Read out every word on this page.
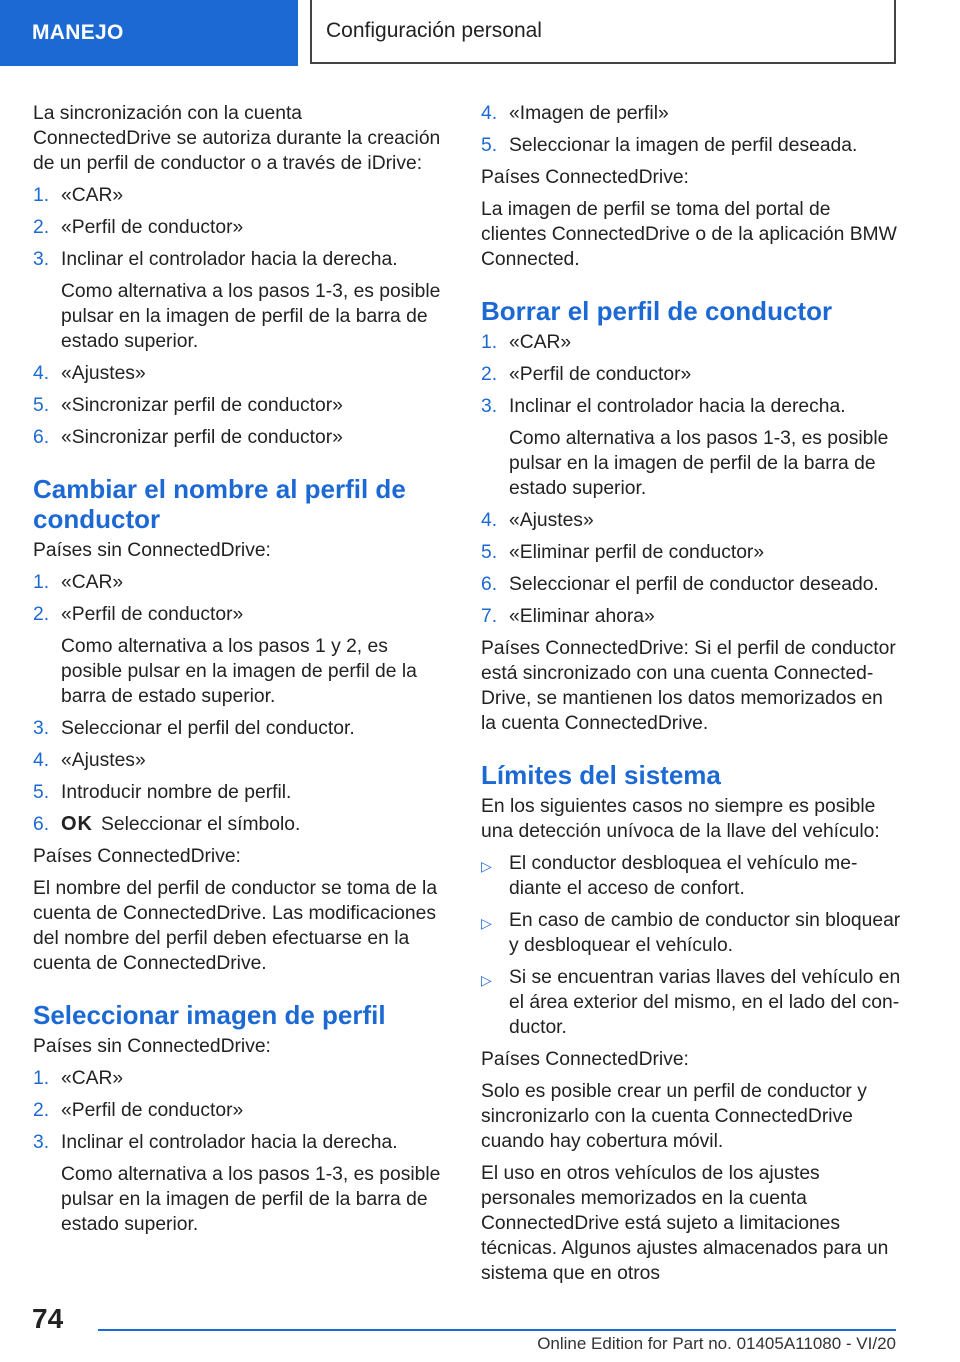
MANEJO	Configuración personal

La sincronización con la cuenta ConnectedDrive se autoriza durante la creación de un perfil de conductor o a través de iDrive:

1. «CAR»
2. «Perfil de conductor»
3. Inclinar el controlador hacia la derecha.
Como alternativa a los pasos 1‑3, es posible pulsar en la imagen de perfil de la barra de estado superior.
4. «Ajustes»
5. «Sincronizar perfil de conductor»
6. «Sincronizar perfil de conductor»
Cambiar el nombre al perfil de conductor

Países sin ConnectedDrive:

1. «CAR»
2. «Perfil de conductor»
Como alternativa a los pasos 1 y 2, es posible pulsar en la imagen de perfil de la barra de estado superior.
3. Seleccionar el perfil del conductor.
4. «Ajustes»
5. Introducir nombre de perfil.
6. OK Seleccionar el símbolo.

Países ConnectedDrive:

El nombre del perfil de conductor se toma de la cuenta de ConnectedDrive. Las modificaciones del nombre del perfil deben efectuarse en la cuenta de ConnectedDrive.

Seleccionar imagen de perfil

Países sin ConnectedDrive:

1. «CAR»
2. «Perfil de conductor»
3. Inclinar el controlador hacia la derecha.
Como alternativa a los pasos 1‑3, es posible pulsar en la imagen de perfil de la barra de estado superior.
4. «Imagen de perfil»
5. Seleccionar la imagen de perfil deseada.

Países ConnectedDrive:

La imagen de perfil se toma del portal de clientes ConnectedDrive o de la aplicación BMW Connected.

Borrar el perfil de conductor
1. «CAR»
2. «Perfil de conductor»
3. Inclinar el controlador hacia la derecha.
Como alternativa a los pasos 1‑3, es posible pulsar en la imagen de perfil de la barra de estado superior.
4. «Ajustes»
5. «Eliminar perfil de conductor»
6. Seleccionar el perfil de conductor deseado.
7. «Eliminar ahora»

Países ConnectedDrive: Si el perfil de conductor está sincronizado con una cuenta ConnectedDrive, se mantienen los datos memorizados en la cuenta ConnectedDrive.

Límites del sistema

En los siguientes casos no siempre es posible una detección unívoca de la llave del vehículo:

▷ El conductor desbloquea el vehículo mediante el acceso de confort.
▷ En caso de cambio de conductor sin bloquear y desbloquear el vehículo.
▷ Si se encuentran varias llaves del vehículo en el área exterior del mismo, en el lado del conductor.

Países ConnectedDrive:

Solo es posible crear un perfil de conductor y sincronizarlo con la cuenta ConnectedDrive cuando hay cobertura móvil.

El uso en otros vehículos de los ajustes personales memorizados en la cuenta ConnectedDrive está sujeto a limitaciones técnicas. Algunos ajustes almacenados para un sistema que en otros

74
Online Edition for Part no. 01405A11080 - VI/20
